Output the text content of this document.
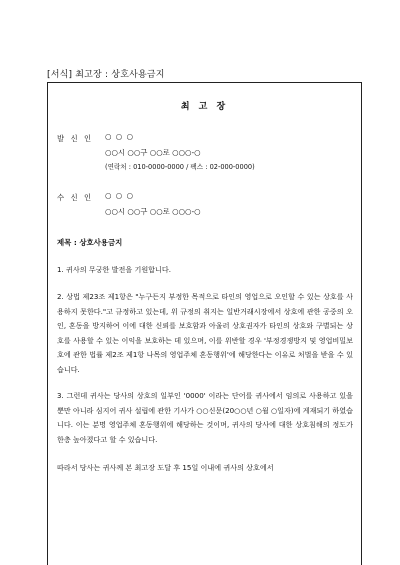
[서식] 최고장 : 상호사용금지
최 고 장
발 신 인 ○ ○ ○
○○시 ○○구 ○○로 ○○○-○
(연락처 : 010-0000-0000 / 팩스 : 02-000-0000)
수 신 인 ○ ○ ○
○○시 ○○구 ○○로 ○○○-○
제목 : 상호사용금지
1. 귀사의 무궁한 발전을 기원합니다.
2. 상법 제23조 제1항은 "누구든지 부정한 목적으로 타인의 영업으로 오인할 수 있는 상호를 사용하지 못한다."고 규정하고 있는데, 위 규정의 취지는 일반거래시장에서 상호에 관한 공중의 오인, 혼동을 방지하여 이에 대한 신뢰를 보호함과 아울러 상호권자가 타인의 상호와 구별되는 상호를 사용할 수 있는 이익을 보호하는 데 있으며, 이를 위반할 경우 '부정경쟁방지 및 영업비밀보호에 관한 법률 제2조 제1항 나목의 영업주체 혼동행위'에 해당한다는 이유로 처벌을 받을 수 있습니다.
3. 그런데 귀사는 당사의 상호의 일부인 '0000' 이라는 단어를 귀사에서 임의로 사용하고 있을 뿐만 아니라 심지어 귀사 설립에 관한 기사가 ○○신문(20○○년 ○월 ○일자)에 게재되기 하였습니다. 이는 분명 영업주체 혼동행위에 해당하는 것이며, 귀사의 당사에 대한 상호침해의 정도가 한층 높아졌다고 할 수 있습니다.
따라서 당사는 귀사께 본 최고장 도달 후 15일 이내에 귀사의 상호에서
